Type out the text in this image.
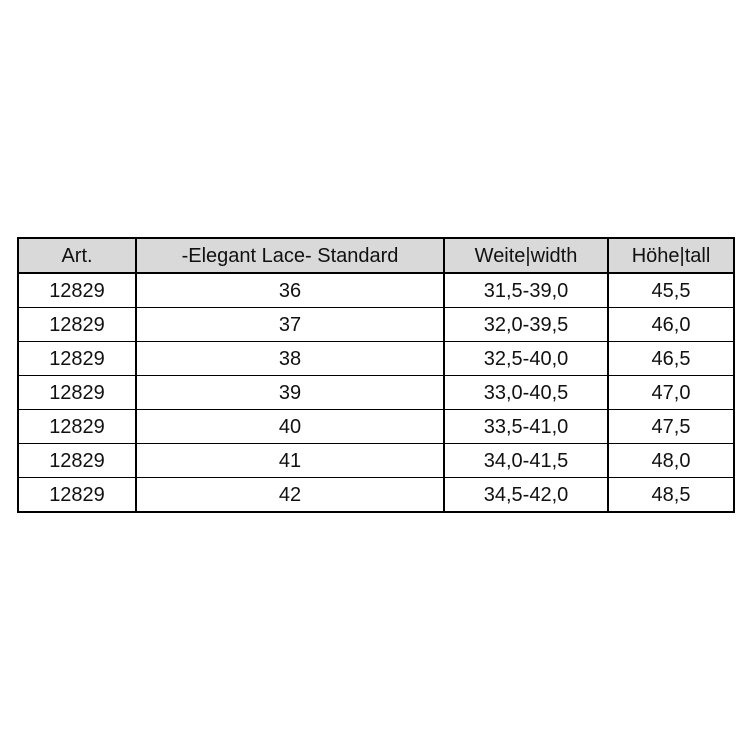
Art.	-Elegant Lace- Standard	Weite|width	Höhe|tall
12829	36	31,5-39,0	45,5
12829	37	32,0-39,5	46,0
12829	38	32,5-40,0	46,5
12829	39	33,0-40,5	47,0
12829	40	33,5-41,0	47,5
12829	41	34,0-41,5	48,0
12829	42	34,5-42,0	48,5
